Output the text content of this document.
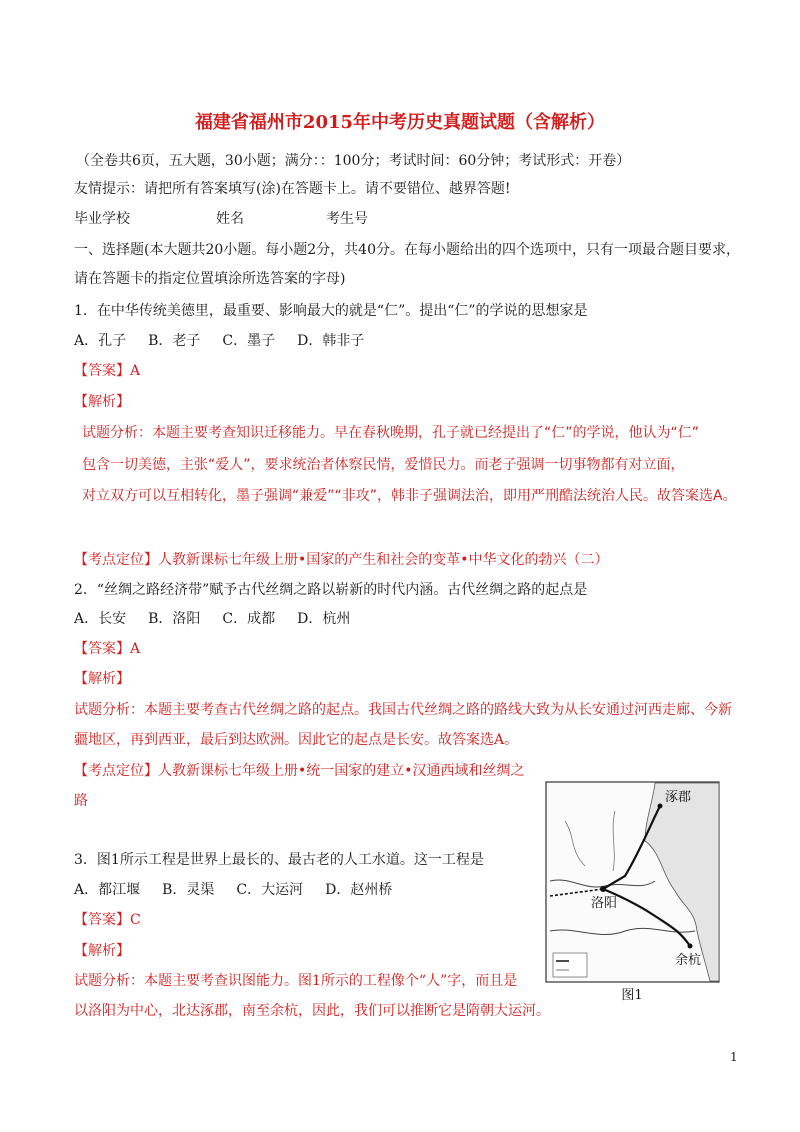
福建省福州市2015年中考历史真题试题（含解析）
（全卷共6页，五大题，30小题；满分：：100分；考试时间：60分钟；考试形式：开卷）
友情提示：请把所有答案填写(涂)在答题卡上。请不要错位、越界答题!
毕业学校	姓名	考生号
一、选择题(本大题共20小题。每小题2分，共40分。在每小题给出的四个选项中，只有一项最合题目要求，
请在答题卡的指定位置填涂所选答案的字母)
1．在中华传统美德里，最重要、影响最大的就是“仁”。提出“仁”的学说的思想家是
A．孔子 B．老子 C．墨子 D．韩非子
【答案】A
【解析】
试题分析：本题主要考查知识迁移能力。早在春秋晚期，孔子就已经提出了“仁”的学说，他认为“仁”
包含一切美德，主张“爱人”，要求统治者体察民情，爱惜民力。而老子强调一切事物都有对立面，
对立双方可以互相转化，墨子强调“兼爱”“非攻”，韩非子强调法治，即用严刑酷法统治人民。故答案选A。
【考点定位】人教新课标七年级上册•国家的产生和社会的变革•中华文化的勃兴（二）
2．“丝绸之路经济带”赋予古代丝绸之路以崭新的时代内涵。古代丝绸之路的起点是
A．长安 B．洛阳 C．成都 D．杭州
【答案】A
【解析】
试题分析：本题主要考查古代丝绸之路的起点。我国古代丝绸之路的路线大致为从长安通过河西走廊、今新
疆地区，再到西亚，最后到达欧洲。因此它的起点是长安。故答案选A。
【考点定位】人教新课标七年级上册•统一国家的建立•汉通西域和丝绸之
路
3．图1所示工程是世界上最长的、最古老的人工水道。这一工程是
A．都江堰 B．灵渠 C．大运河 D．赵州桥
【答案】C
【解析】
试题分析：本题主要考查识图能力。图1所示的工程像个“人”字，而且是
以洛阳为中心，北达涿郡，南至余杭，因此，我们可以推断它是隋朝大运河。
涿郡
洛阳
余杭
图1
1
